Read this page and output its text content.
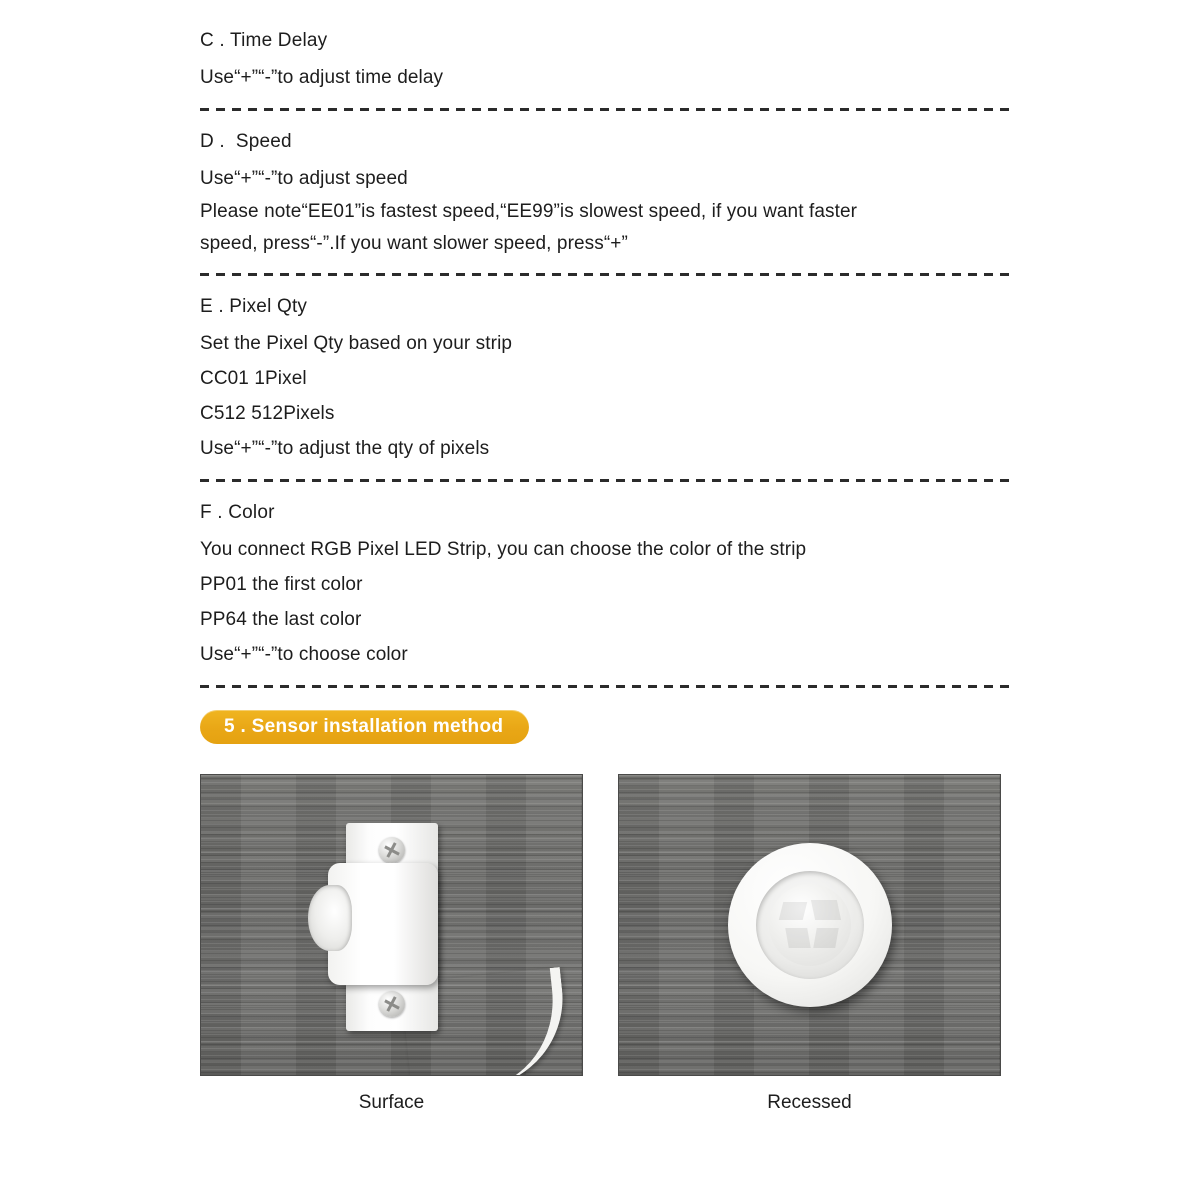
C . Time Delay
Use“+”“-”to adjust time delay
D .  Speed
Use“+”“-”to adjust speed
Please note“EE01”is fastest speed,“EE99”is slowest speed, if you want faster speed, press“-”.If you want slower speed, press“+”
E . Pixel Qty
Set the Pixel Qty based on your strip
CC01 1Pixel
C512 512Pixels
Use“+”“-”to adjust the qty of pixels
F . Color
You connect RGB Pixel LED Strip, you can choose the color of the strip
PP01 the first color
PP64 the last color
Use“+”“-”to choose color
5 . Sensor installation method
Surface	Recessed
